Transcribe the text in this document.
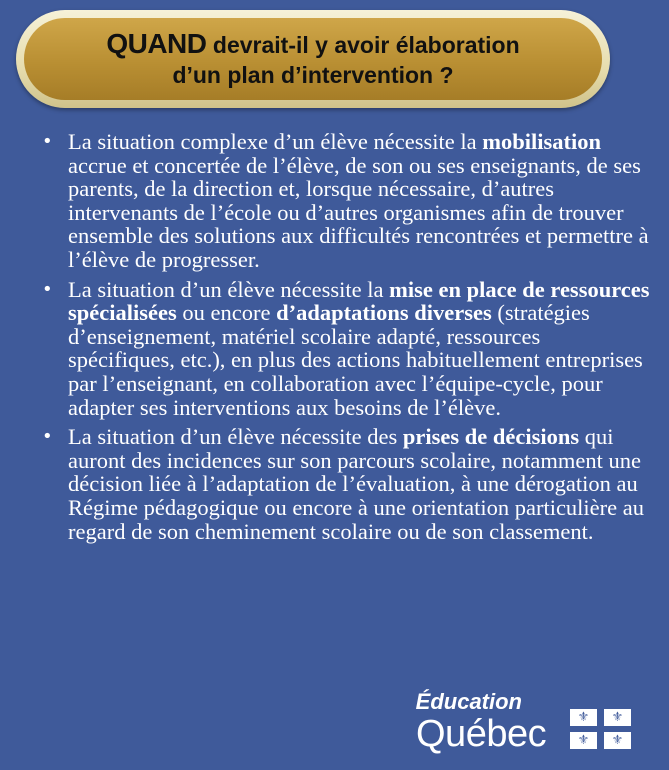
QUAND devrait-il y avoir élaboration
d’un plan d’intervention ?
• La situation complexe d’un élève nécessite la mobilisation accrue et concertée de l’élève, de son ou ses enseignants, de ses parents, de la direction et, lorsque nécessaire, d’autres intervenants de l’école ou d’autres organismes afin de trouver ensemble des solutions aux difficultés rencontrées et permettre à l’élève de progresser.
• La situation d’un élève nécessite la mise en place de ressources spécialisées ou encore d’adaptations diverses (stratégies d’enseignement, matériel scolaire adapté, ressources spécifiques, etc.), en plus des actions habituellement entreprises par l’enseignant, en collaboration avec l’équipe-cycle, pour adapter ses interventions aux besoins de l’élève.
• La situation d’un élève nécessite des prises de décisions qui auront des incidences sur son parcours scolaire, notamment une décision liée à l’adaptation de l’évaluation, à une dérogation au Régime pédagogique ou encore à une orientation particulière au regard de son cheminement scolaire ou de son classement.
Éducation
Québec	⚜	⚜
⚜	⚜
